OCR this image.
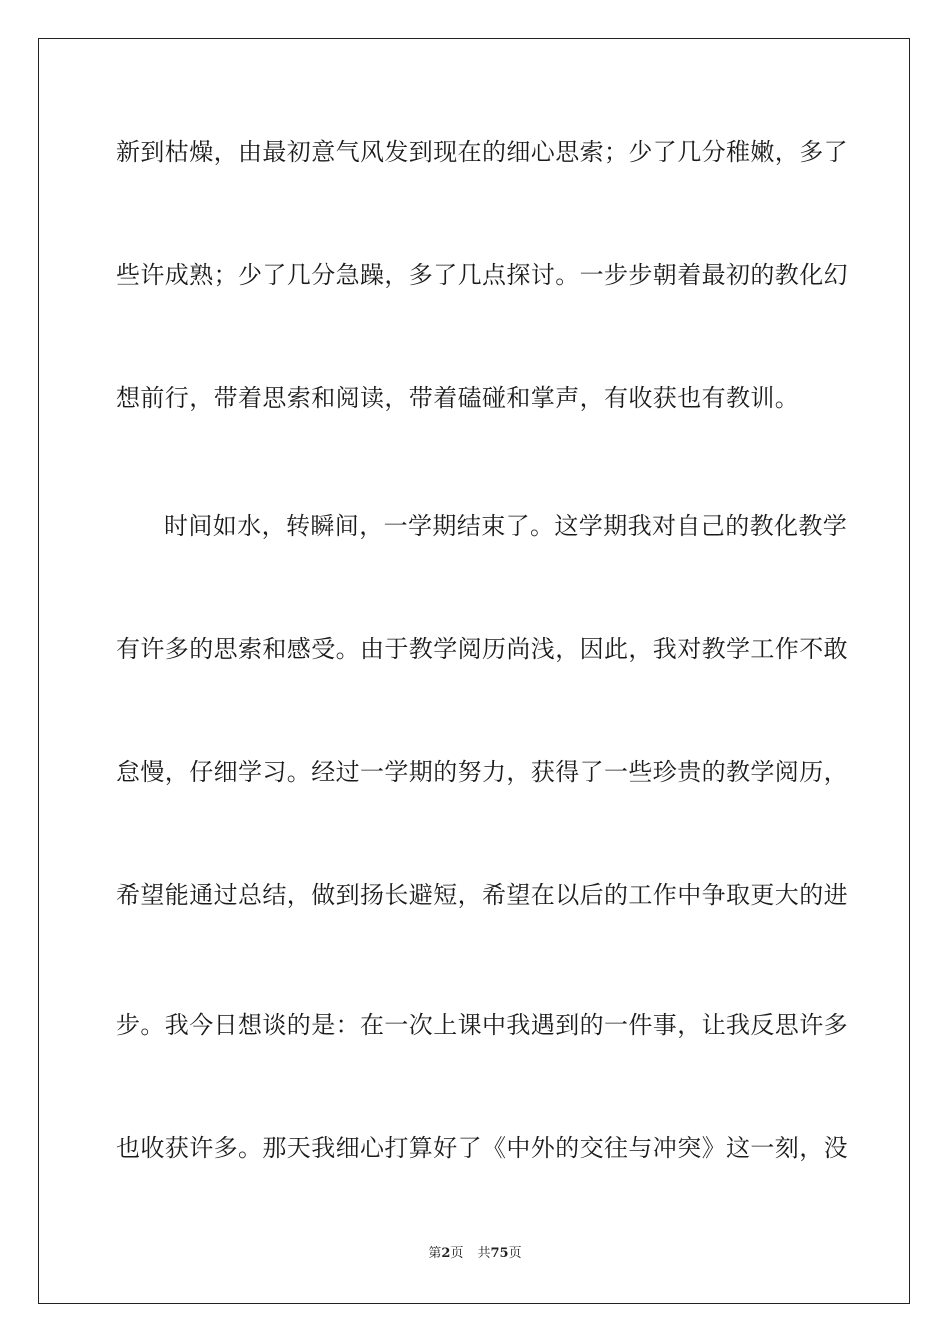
新到枯燥，由最初意气风发到现在的细心思索；少了几分稚嫩，多了
些许成熟；少了几分急躁，多了几点探讨。一步步朝着最初的教化幻
想前行，带着思索和阅读，带着磕碰和掌声，有收获也有教训。
时间如水，转瞬间，一学期结束了。这学期我对自己的教化教学
有许多的思索和感受。由于教学阅历尚浅，因此，我对教学工作不敢
怠慢，仔细学习。经过一学期的努力，获得了一些珍贵的教学阅历，
希望能通过总结，做到扬长避短，希望在以后的工作中争取更大的进
步。我今日想谈的是：在一次上课中我遇到的一件事，让我反思许多
也收获许多。那天我细心打算好了《中外的交往与冲突》这一刻，没
第2页 共75页
